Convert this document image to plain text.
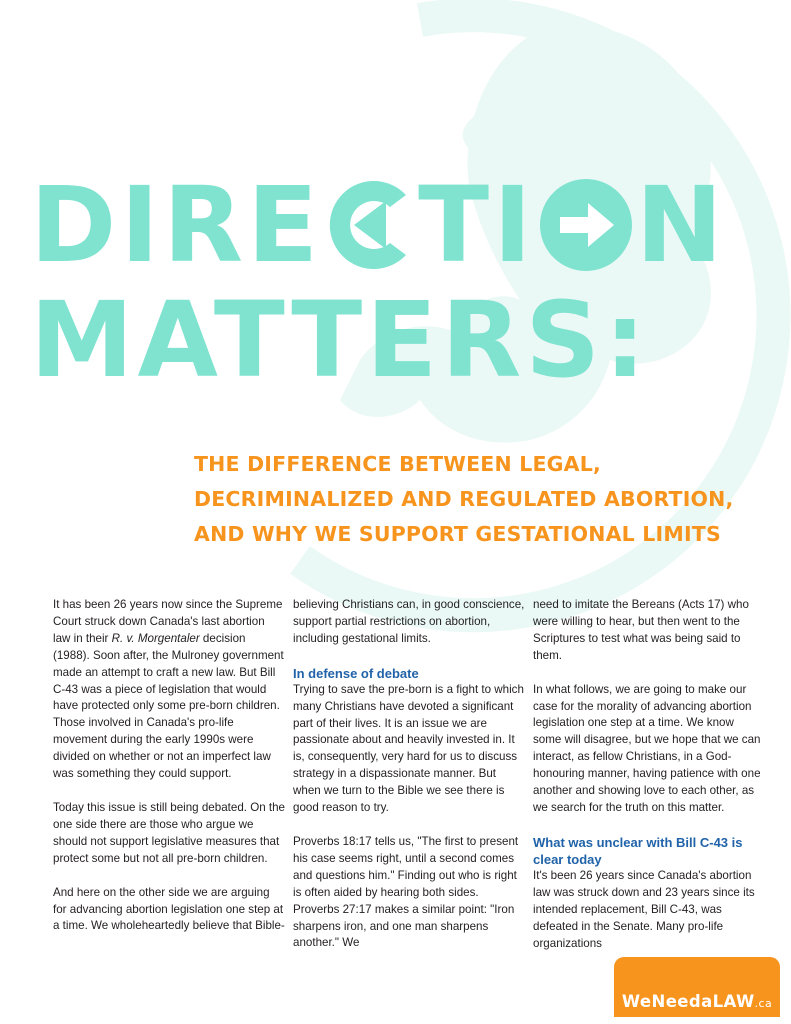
DIRE TI N
MATTERS:
THE DIFFERENCE BETWEEN LEGAL,
DECRIMINALIZED AND REGULATED ABORTION,
AND WHY WE SUPPORT GESTATIONAL LIMITS

It has been 26 years now since the Supreme Court struck down Canada's last abortion law in their R. v. Morgentaler decision (1988). Soon after, the Mulroney government made an attempt to craft a new law. But Bill C-43 was a piece of legislation that would have protected only some pre-born children. Those involved in Canada's pro-life movement during the early 1990s were divided on whether or not an imperfect law was something they could support.

Today this issue is still being debated. On the one side there are those who argue we should not support legislative measures that protect some but not all pre-born children.

And here on the other side we are arguing for advancing abortion legislation one step at a time. We wholeheartedly believe that Bible-

believing Christians can, in good conscience, support partial restrictions on abortion, including gestational limits.

In defense of debate

Trying to save the pre-born is a fight to which many Christians have devoted a significant part of their lives. It is an issue we are passionate about and heavily invested in. It is, consequently, very hard for us to discuss strategy in a dispassionate manner. But when we turn to the Bible we see there is good reason to try.

Proverbs 18:17 tells us, "The first to present his case seems right, until a second comes and questions him." Finding out who is right is often aided by hearing both sides. Proverbs 27:17 makes a similar point: "Iron sharpens iron, and one man sharpens another." We

need to imitate the Bereans (Acts 17) who were willing to hear, but then went to the Scriptures to test what was being said to them.

In what follows, we are going to make our case for the morality of advancing abortion legislation one step at a time. We know some will disagree, but we hope that we can interact, as fellow Christians, in a God-honouring manner, having patience with one another and showing love to each other, as we search for the truth on this matter.

What was unclear with Bill C-43 is clear today

It's been 26 years since Canada's abortion law was struck down and 23 years since its intended replacement, Bill C-43, was defeated in the Senate. Many pro-life organizations

WeNeedaLAW.ca
